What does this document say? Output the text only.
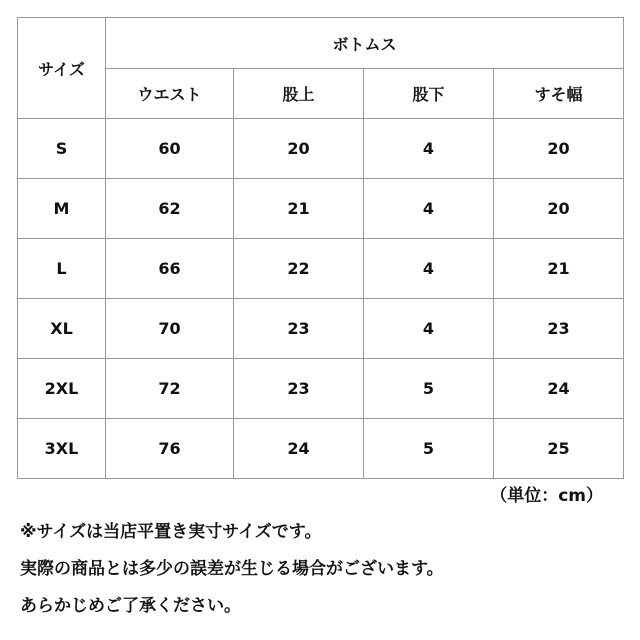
サイズ	ボトムス			
	ウエスト	股上	股下	すそ幅
S	60	20	4	20
M	62	21	4	20
L	66	22	4	21
XL	70	23	4	23
2XL	72	23	5	24
3XL	76	24	5	25
（単位：cm）

※サイズは当店平置き実寸サイズです。

実際の商品とは多少の誤差が生じる場合がございます。

あらかじめご了承ください。
